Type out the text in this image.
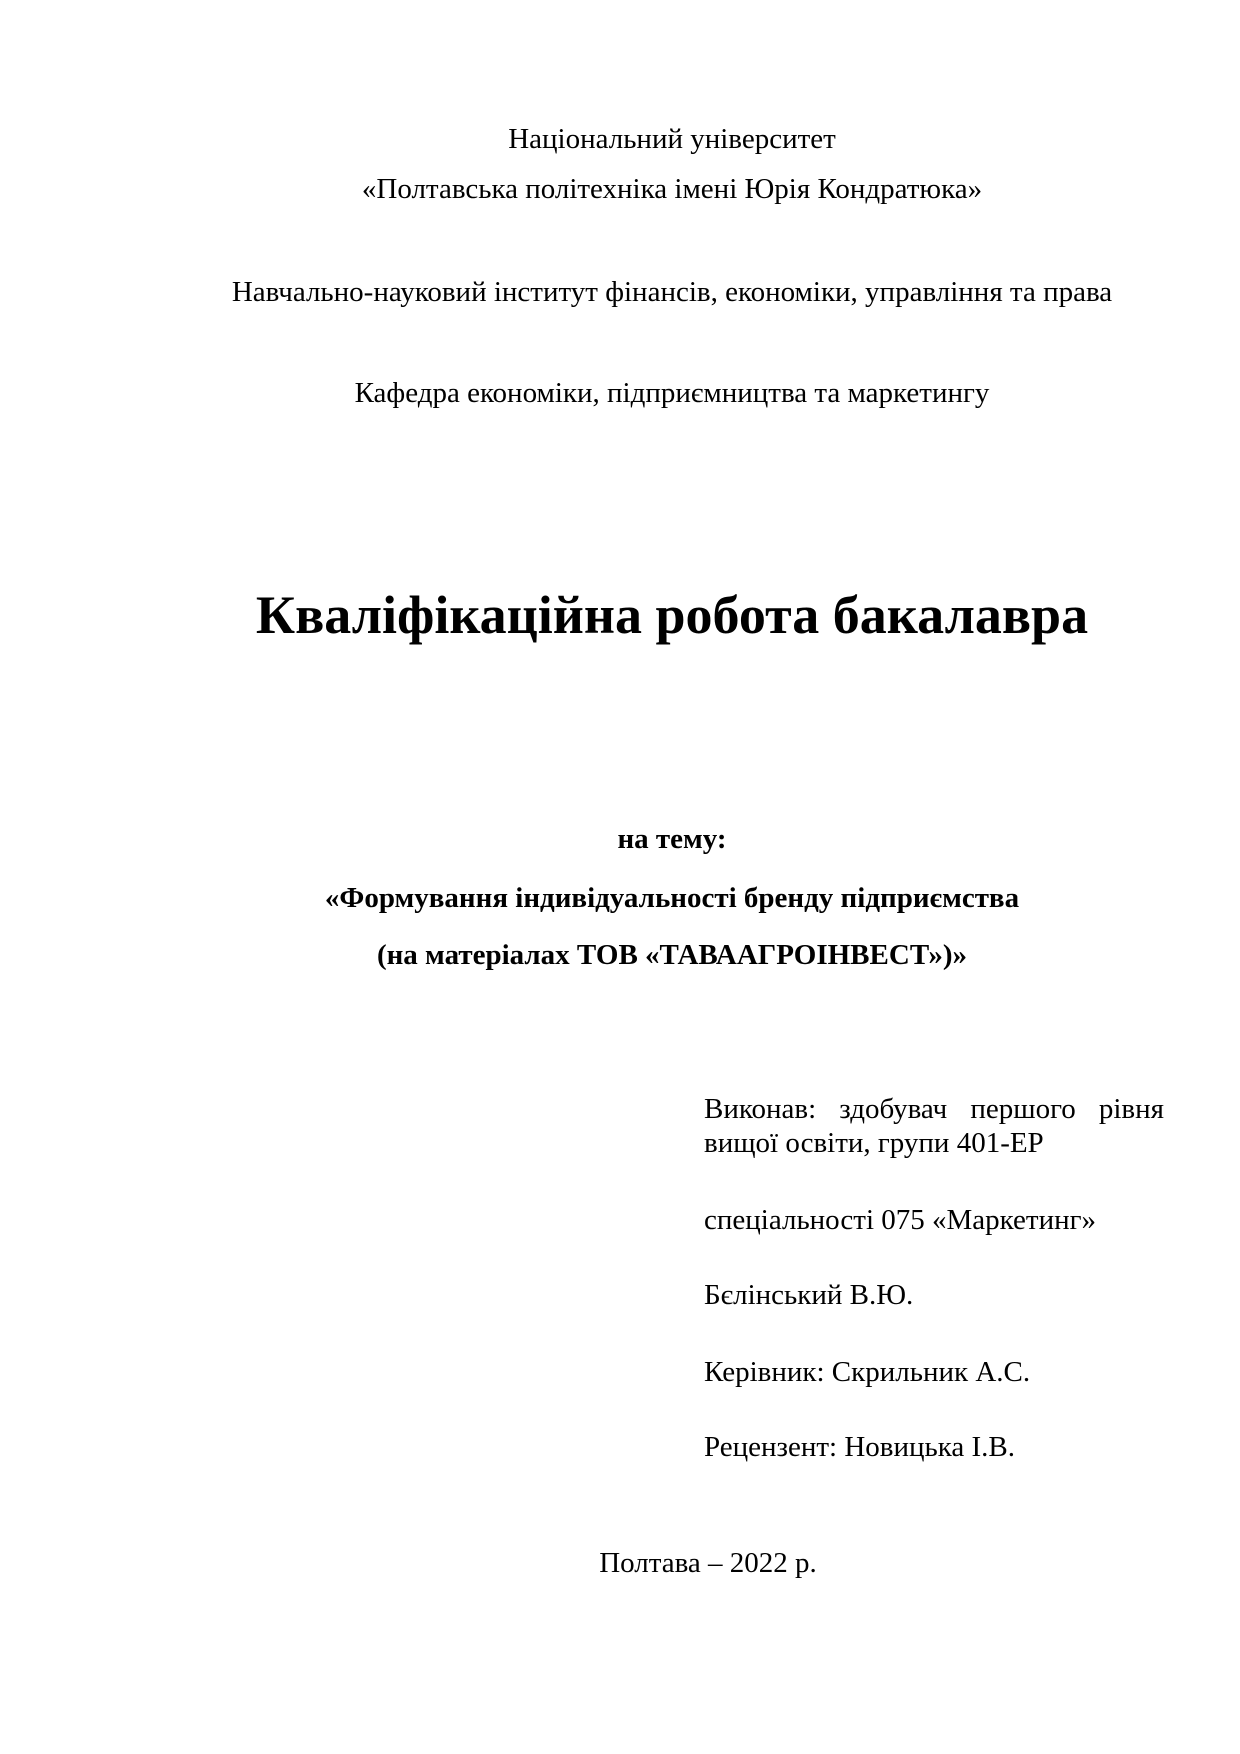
Національний університет
«Полтавська політехніка імені Юрія Кондратюка»
Навчально-науковий інститут фінансів, економіки, управління та права
Кафедра економіки, підприємництва та маркетингу
Кваліфікаційна робота бакалавра
на тему:
«Формування індивідуальності бренду підприємства
(на матеріалах ТОВ «ТАВААГРОІНВЕСТ»)»
Виконав: здобувач першого рівня
вищої освіти, групи 401-ЕР
спеціальності 075 «Маркетинг»
Бєлінський В.Ю.
Керівник: Скрильник А.С.
Рецензент: Новицька І.В.
Полтава – 2022 р.
